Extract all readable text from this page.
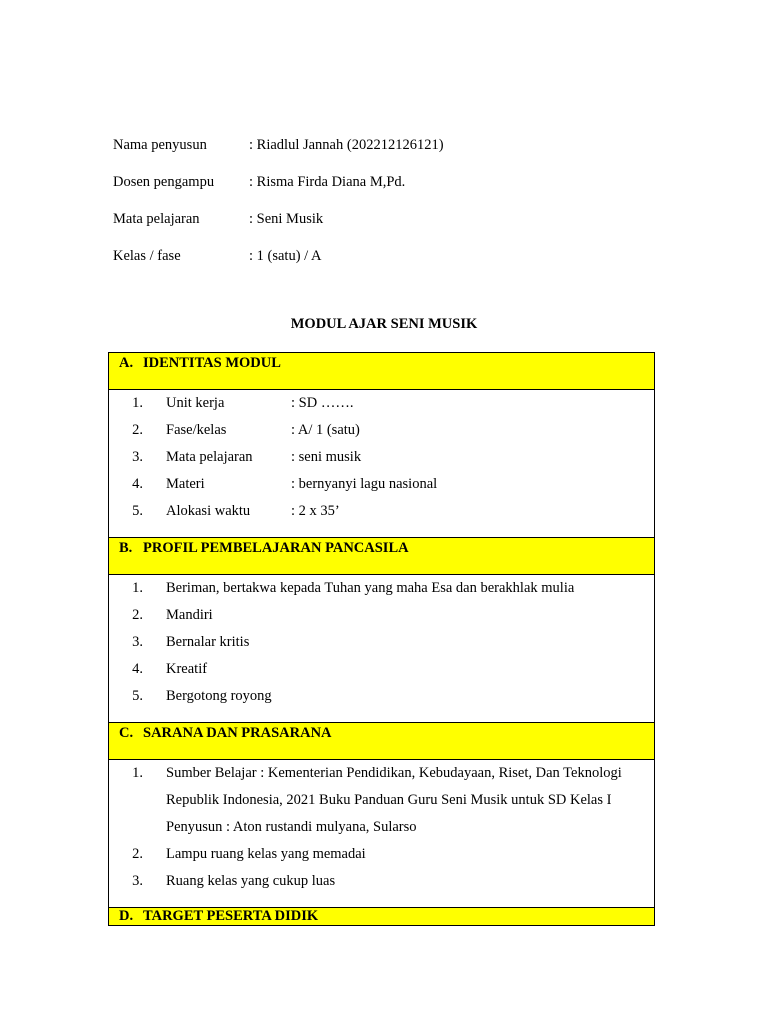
Nama penyusun	: Riadlul Jannah (202212126121)
Dosen pengampu	: Risma Firda Diana M,Pd.
Mata pelajaran	: Seni Musik
Kelas / fase	: 1 (satu) / A
MODUL AJAR SENI MUSIK
A. IDENTITAS MODUL
1.	Unit kerja	: SD …….
2.	Fase/kelas	: A/ 1 (satu)
3.	Mata pelajaran	: seni musik
4.	Materi	: bernyanyi lagu nasional
5.	Alokasi waktu	: 2 x 35’
B. PROFIL PEMBELAJARAN PANCASILA
1.	Beriman, bertakwa kepada Tuhan yang maha Esa dan berakhlak mulia
2.	Mandiri
3.	Bernalar kritis
4.	Kreatif
5.	Bergotong royong
C. SARANA DAN PRASARANA
1.	Sumber Belajar : Kementerian Pendidikan, Kebudayaan, Riset, Dan Teknologi Republik Indonesia, 2021 Buku Panduan Guru Seni Musik untuk SD Kelas I Penyusun : Aton rustandi mulyana, Sularso
2.	Lampu ruang kelas yang memadai
3.	Ruang kelas yang cukup luas
D. TARGET PESERTA DIDIK
